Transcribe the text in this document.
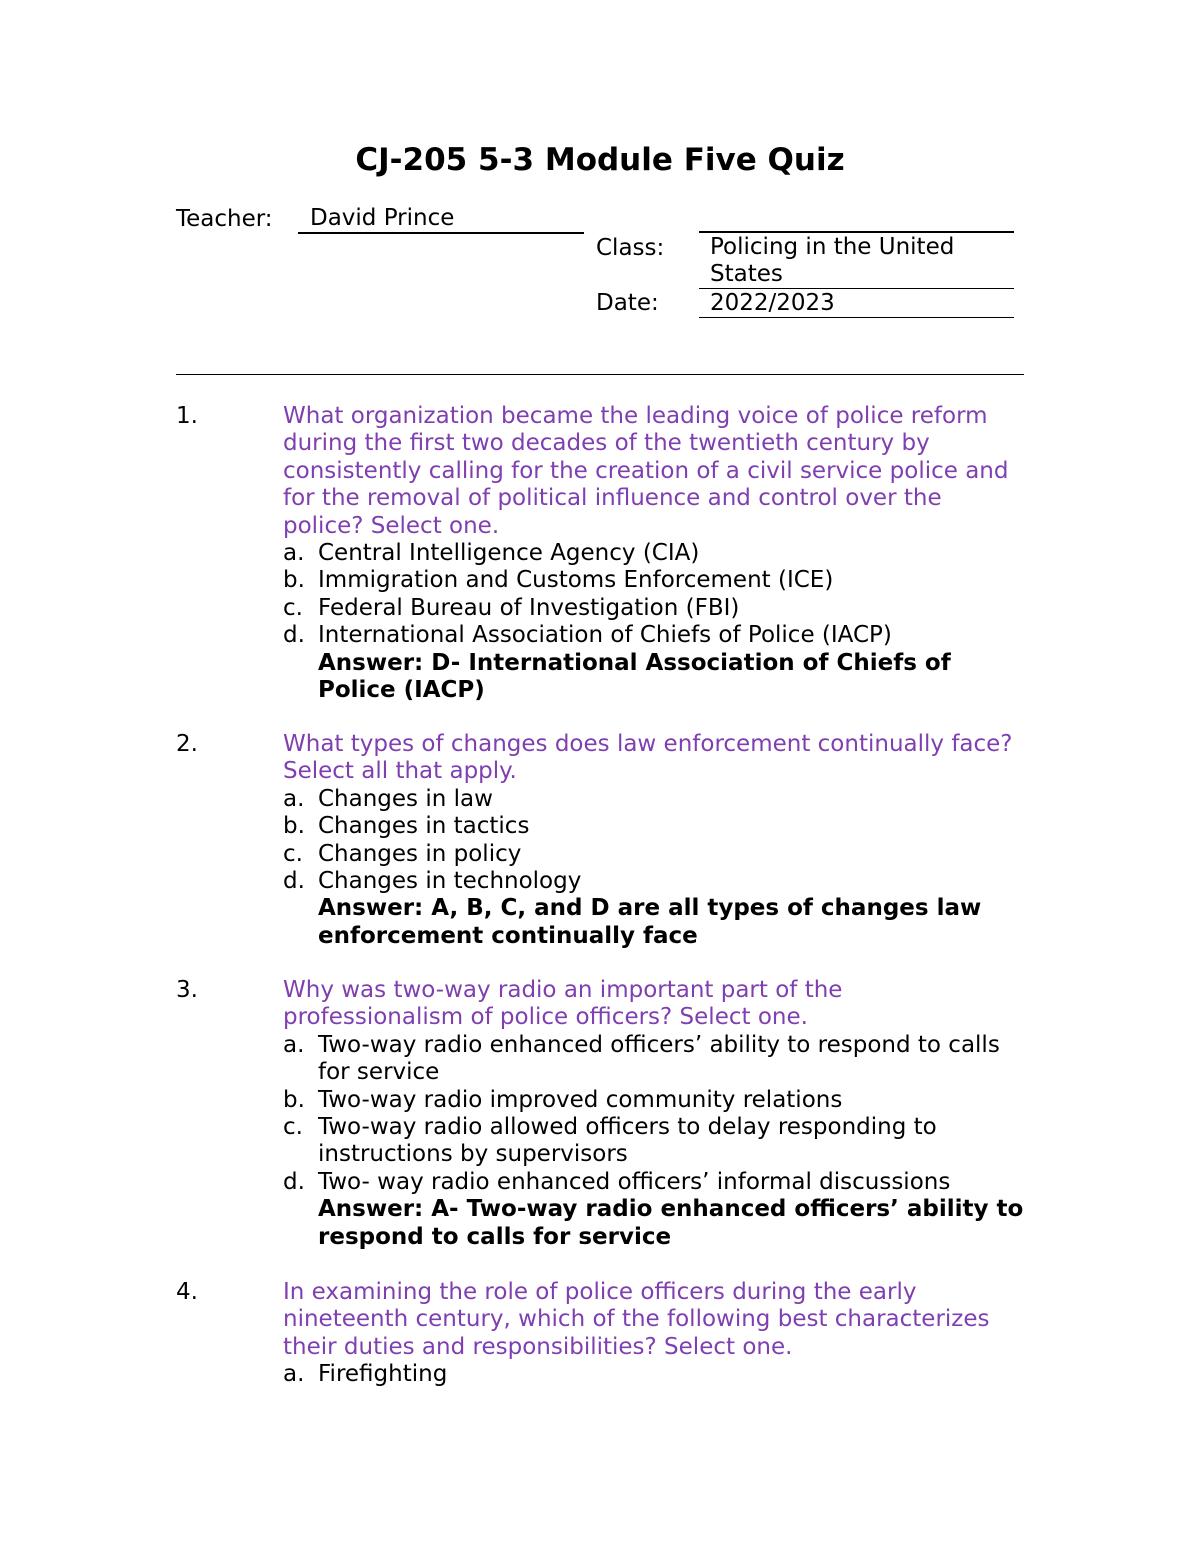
CJ-205 5-3 Module Five Quiz
Teacher: David Prince
Class: Policing in the United
States
Date: 2022/2023
1.	What organization became the leading voice of police reform during the first two decades of the twentieth century by consistently calling for the creation of a civil service police and for the removal of political influence and control over the police? Select one.
a. Central Intelligence Agency (CIA)
b. Immigration and Customs Enforcement (ICE)
c. Federal Bureau of Investigation (FBI)
d. International Association of Chiefs of Police (IACP)
Answer: D- International Association of Chiefs of Police (IACP)
2.	What types of changes does law enforcement continually face? Select all that apply.
a. Changes in law
b. Changes in tactics
c. Changes in policy
d. Changes in technology
Answer: A, B, C, and D are all types of changes law enforcement continually face
3.	Why was two-way radio an important part of the professionalism of police officers? Select one.
a. Two-way radio enhanced officers’ ability to respond to calls for service
b. Two-way radio improved community relations
c. Two-way radio allowed officers to delay responding to instructions by supervisors
d. Two- way radio enhanced officers’ informal discussions
Answer: A- Two-way radio enhanced officers’ ability to respond to calls for service
4.	In examining the role of police officers during the early nineteenth century, which of the following best characterizes their duties and responsibilities? Select one.
a. Firefighting
